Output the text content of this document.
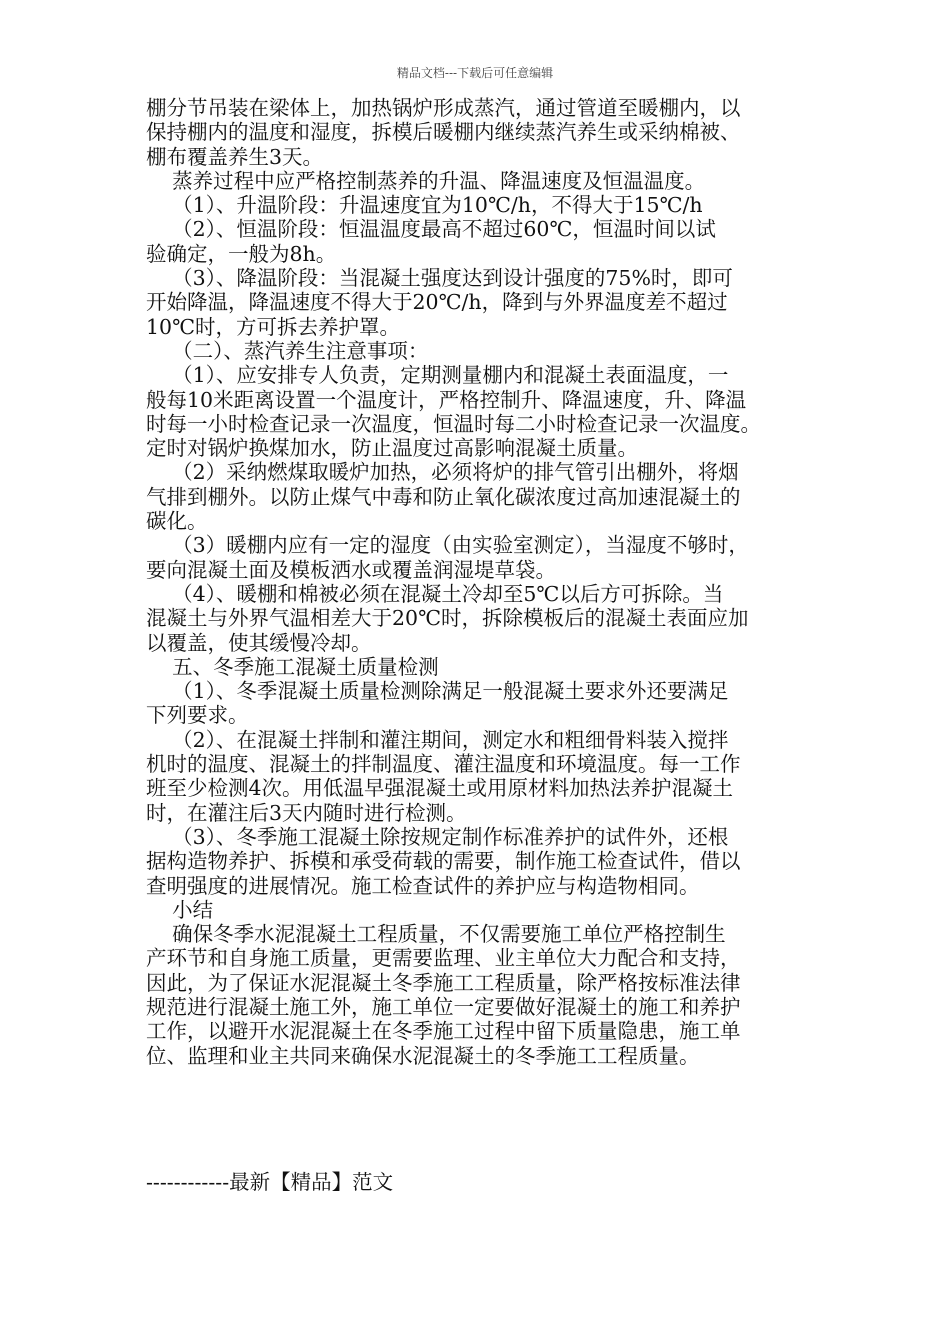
精品文档---下载后可任意编辑
棚分节吊装在梁体上，加热锅炉形成蒸汽，通过管道至暖棚内，以
保持棚内的温度和湿度，拆模后暖棚内继续蒸汽养生或采纳棉被、
棚布覆盖养生3天。
蒸养过程中应严格控制蒸养的升温、降温速度及恒温温度。
（1）、升温阶段：升温速度宜为10℃/h，不得大于15℃/h
（2）、恒温阶段：恒温温度最高不超过60℃，恒温时间以试
验确定，一般为8h。
（3）、降温阶段：当混凝土强度达到设计强度的75%时，即可
开始降温，降温速度不得大于20℃/h，降到与外界温度差不超过
10℃时，方可拆去养护罩。
（二）、蒸汽养生注意事项：
（1）、应安排专人负责，定期测量棚内和混凝土表面温度，一
般每10米距离设置一个温度计，严格控制升、降温速度，升、降温
时每一小时检查记录一次温度，恒温时每二小时检查记录一次温度。
定时对锅炉换煤加水，防止温度过高影响混凝土质量。
（2）采纳燃煤取暖炉加热，必须将炉的排气管引出棚外，将烟
气排到棚外。以防止煤气中毒和防止氧化碳浓度过高加速混凝土的
碳化。
（3）暖棚内应有一定的湿度（由实验室测定），当湿度不够时，
要向混凝土面及模板洒水或覆盖润湿堤草袋。
（4）、暖棚和棉被必须在混凝土冷却至5℃以后方可拆除。当
混凝土与外界气温相差大于20℃时，拆除模板后的混凝土表面应加
以覆盖，使其缓慢冷却。
五、冬季施工混凝土质量检测
（1）、冬季混凝土质量检测除满足一般混凝土要求外还要满足
下列要求。
（2）、在混凝土拌制和灌注期间，测定水和粗细骨料装入搅拌
机时的温度、混凝土的拌制温度、灌注温度和环境温度。每一工作
班至少检测4次。用低温早强混凝土或用原材料加热法养护混凝土
时，在灌注后3天内随时进行检测。
（3）、冬季施工混凝土除按规定制作标准养护的试件外，还根
据构造物养护、拆模和承受荷载的需要，制作施工检查试件，借以
查明强度的进展情况。施工检查试件的养护应与构造物相同。
小结
确保冬季水泥混凝土工程质量，不仅需要施工单位严格控制生
产环节和自身施工质量，更需要监理、业主单位大力配合和支持，
因此，为了保证水泥混凝土冬季施工工程质量，除严格按标准法律
规范进行混凝土施工外，施工单位一定要做好混凝土的施工和养护
工作，以避开水泥混凝土在冬季施工过程中留下质量隐患，施工单
位、监理和业主共同来确保水泥混凝土的冬季施工工程质量。
------------最新【精品】范文
